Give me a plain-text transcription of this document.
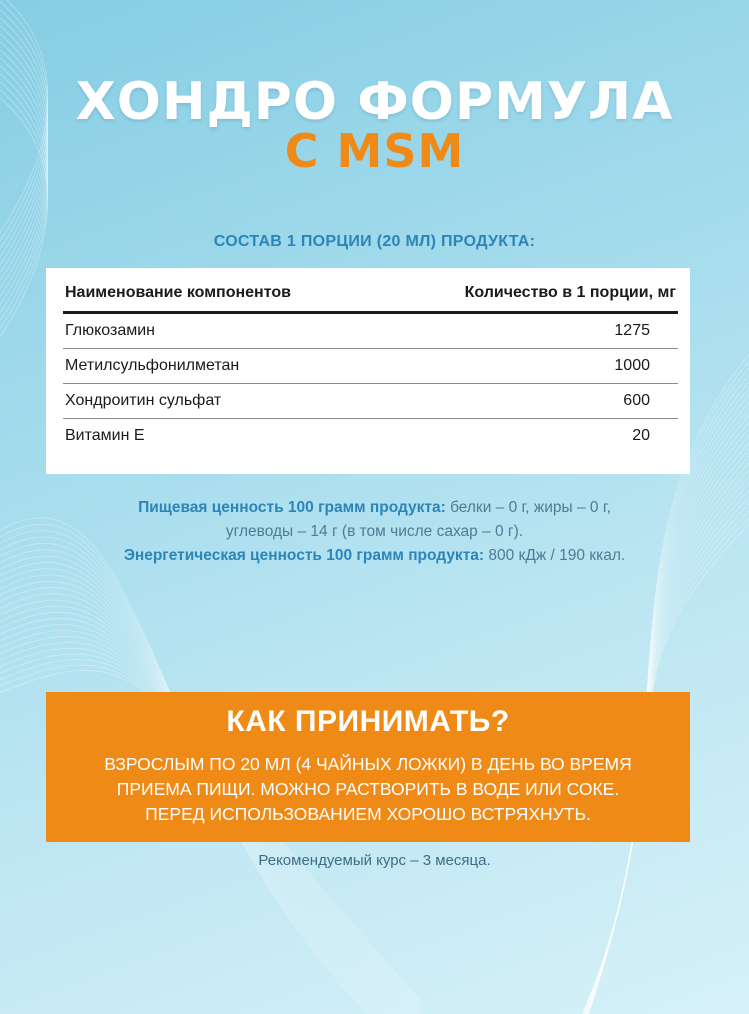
ХОНДРО ФОРМУЛА
С MSM
СОСТАВ 1 ПОРЦИИ (20 МЛ) ПРОДУКТА:
Наименование компонентов	Количество в 1 порции, мг
Глюкозамин	1275
Метилсульфонилметан	1000
Хондроитин сульфат	600
Витамин Е	20
Пищевая ценность 100 грамм продукта: белки – 0 г, жиры – 0 г,
углеводы – 14 г (в том числе сахар – 0 г).
Энергетическая ценность 100 грамм продукта: 800 кДж / 190 ккал.
КАК ПРИНИМАТЬ?
ВЗРОСЛЫМ ПО 20 МЛ (4 ЧАЙНЫХ ЛОЖКИ) В ДЕНЬ ВО ВРЕМЯ
ПРИЕМА ПИЩИ. МОЖНО РАСТВОРИТЬ В ВОДЕ ИЛИ СОКЕ.
ПЕРЕД ИСПОЛЬЗОВАНИЕМ ХОРОШО ВСТРЯХНУТЬ.
Рекомендуемый курс – 3 месяца.
